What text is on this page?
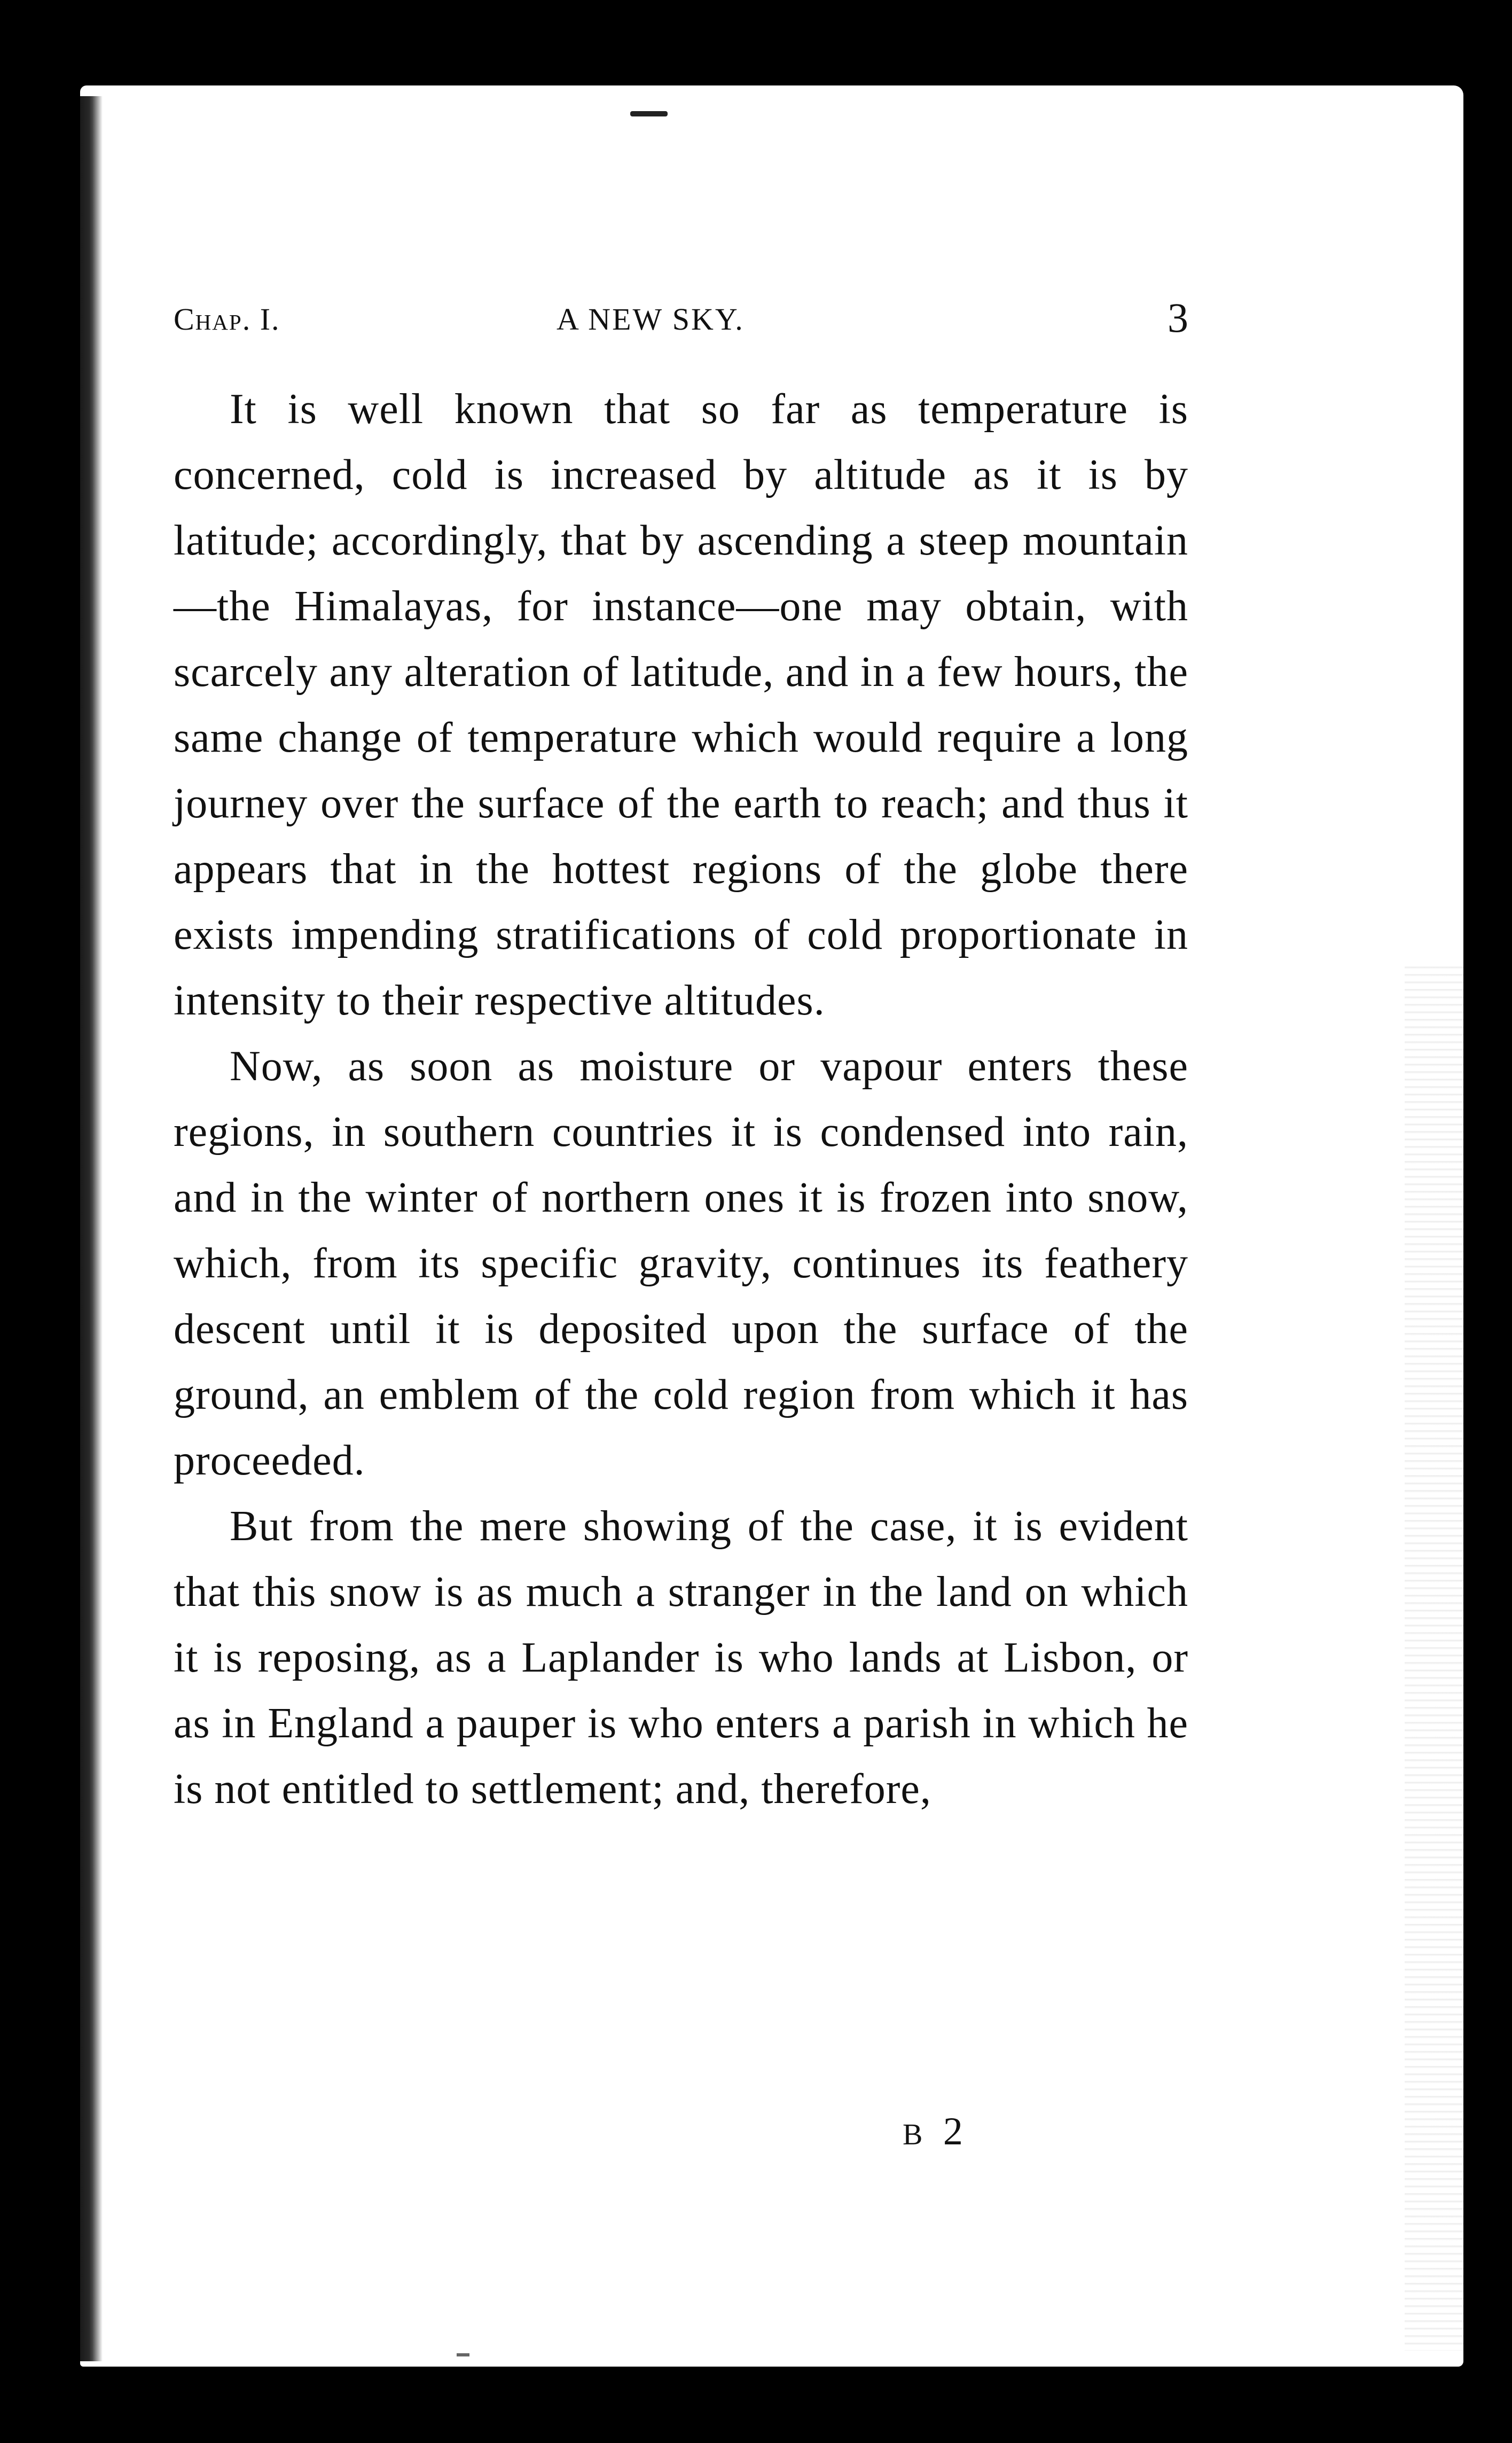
Chap. I.	A NEW SKY.	3

It is well known that so far as temperature is concerned, cold is increased by altitude as it is by latitude; accordingly, that by ascending a steep mountain—the Himalayas, for instance—one may obtain, with scarcely any alteration of latitude, and in a few hours, the same change of temperature which would require a long journey over the surface of the earth to reach; and thus it appears that in the hottest regions of the globe there exists impending stratifications of cold proportionate in intensity to their respective altitudes.

Now, as soon as moisture or vapour enters these regions, in southern countries it is condensed into rain, and in the winter of northern ones it is frozen into snow, which, from its specific gravity, continues its feathery descent until it is deposited upon the surface of the ground, an emblem of the cold region from which it has proceeded.

But from the mere showing of the case, it is evident that this snow is as much a stranger in the land on which it is reposing, as a Laplander is who lands at Lisbon, or as in England a pauper is who enters a parish in which he is not entitled to settlement; and, therefore,

B 2
